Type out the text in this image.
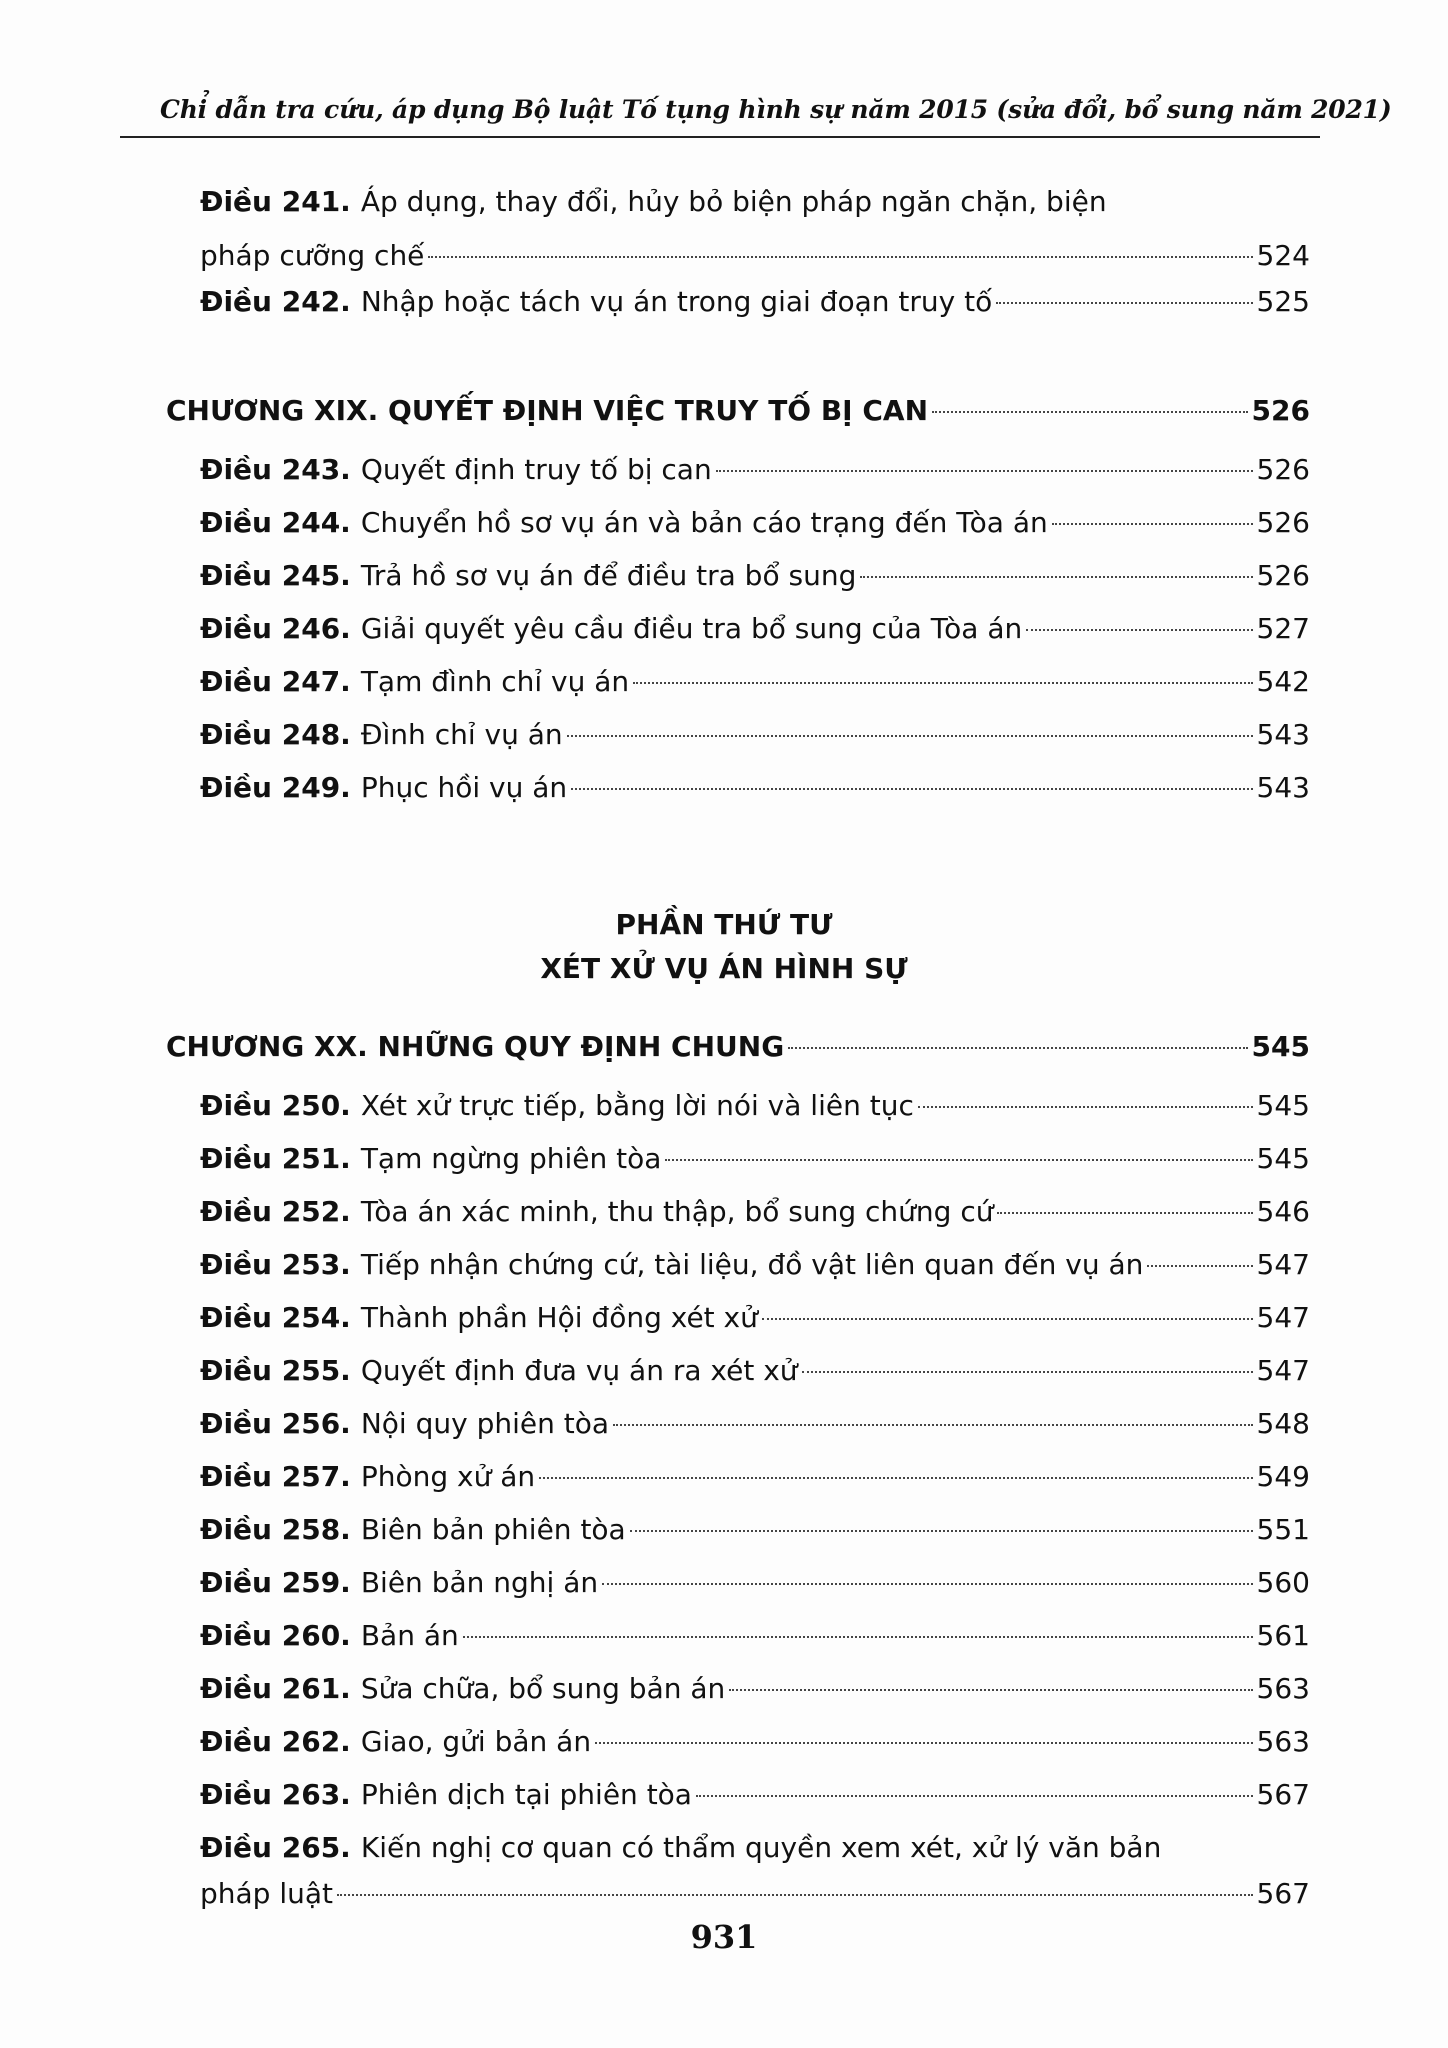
Chỉ dẫn tra cứu, áp dụng Bộ luật Tố tụng hình sự năm 2015 (sửa đổi, bổ sung năm 2021)
Điều 241. Áp dụng, thay đổi, hủy bỏ biện pháp ngăn chặn, biện
pháp cưỡng chế	524
Điều 242. Nhập hoặc tách vụ án trong giai đoạn truy tố	525
CHƯƠNG XIX. QUYẾT ĐỊNH VIỆC TRUY TỐ BỊ CAN	526
Điều 243. Quyết định truy tố bị can	526
Điều 244. Chuyển hồ sơ vụ án và bản cáo trạng đến Tòa án	526
Điều 245. Trả hồ sơ vụ án để điều tra bổ sung	526
Điều 246. Giải quyết yêu cầu điều tra bổ sung của Tòa án	527
Điều 247. Tạm đình chỉ vụ án	542
Điều 248. Đình chỉ vụ án	543
Điều 249. Phục hồi vụ án	543
PHẦN THỨ TƯ
XÉT XỬ VỤ ÁN HÌNH SỰ
CHƯƠNG XX. NHỮNG QUY ĐỊNH CHUNG	545
Điều 250. Xét xử trực tiếp, bằng lời nói và liên tục	545
Điều 251. Tạm ngừng phiên tòa	545
Điều 252. Tòa án xác minh, thu thập, bổ sung chứng cứ	546
Điều 253. Tiếp nhận chứng cứ, tài liệu, đồ vật liên quan đến vụ án	547
Điều 254. Thành phần Hội đồng xét xử	547
Điều 255. Quyết định đưa vụ án ra xét xử	547
Điều 256. Nội quy phiên tòa	548
Điều 257. Phòng xử án	549
Điều 258. Biên bản phiên tòa	551
Điều 259. Biên bản nghị án	560
Điều 260. Bản án	561
Điều 261. Sửa chữa, bổ sung bản án	563
Điều 262. Giao, gửi bản án	563
Điều 263. Phiên dịch tại phiên tòa	567
Điều 265. Kiến nghị cơ quan có thẩm quyền xem xét, xử lý văn bản
pháp luật	567
931
